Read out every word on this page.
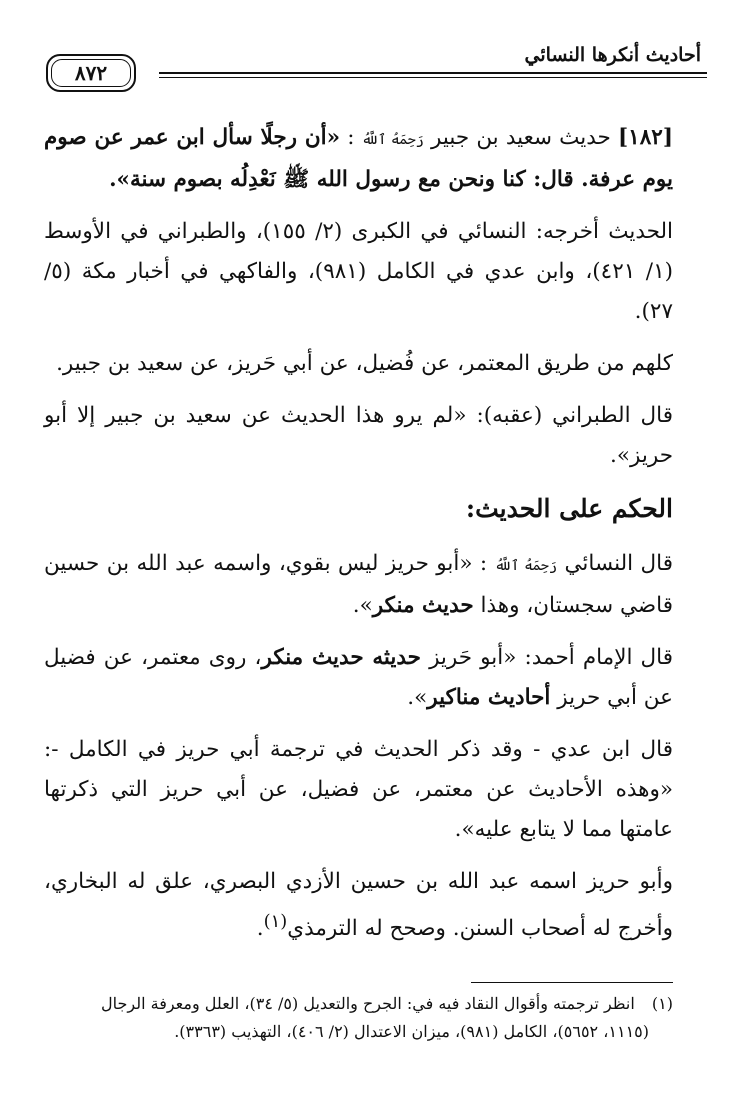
أحاديث أنكرها النسائي
٨٧٢

[١٨٢] حديث سعيد بن جبير رَحِمَهُ ٱللَّهُ : «أن رجلًا سأل ابن عمر عن صوم يوم عرفة. قال: كنا ونحن مع رسول الله ﷺ نَعْدِلُه بصوم سنة».

الحديث أخرجه: النسائي في الكبرى (٢/ ١٥٥)، والطبراني في الأوسط (١/ ٤٢١)، وابن عدي في الكامل (٩٨١)، والفاكهي في أخبار مكة (٥/ ٢٧).

كلهم من طريق المعتمر، عن فُضيل، عن أبي حَريز، عن سعيد بن جبير.

قال الطبراني (عقبه): «لم يرو هذا الحديث عن سعيد بن جبير إلا أبو حريز».

الحكم على الحديث:

قال النسائي رَحِمَهُ ٱللَّهُ : «أبو حريز ليس بقوي، واسمه عبد الله بن حسين قاضي سجستان، وهذا حديث منكر».

قال الإمام أحمد: «أبو حَريز حديثه حديث منكر، روى معتمر، عن فضيل عن أبي حريز أحاديث مناكير».

قال ابن عدي - وقد ذكر الحديث في ترجمة أبي حريز في الكامل -: «وهذه الأحاديث عن معتمر، عن فضيل، عن أبي حريز التي ذكرتها عامتها مما لا يتابع عليه».

وأبو حريز اسمه عبد الله بن حسين الأزدي البصري، علق له البخاري، وأخرج له أصحاب السنن. وصحح له الترمذي$^{(١)}$.

(١) انظر ترجمته وأقوال النقاد فيه في: الجرح والتعديل (٥/ ٣٤)، العلل ومعرفة الرجال
(١١١٥، ٥٦٥٢)، الكامل (٩٨١)، ميزان الاعتدال (٢/ ٤٠٦)، التهذيب (٣٣٦٣).
